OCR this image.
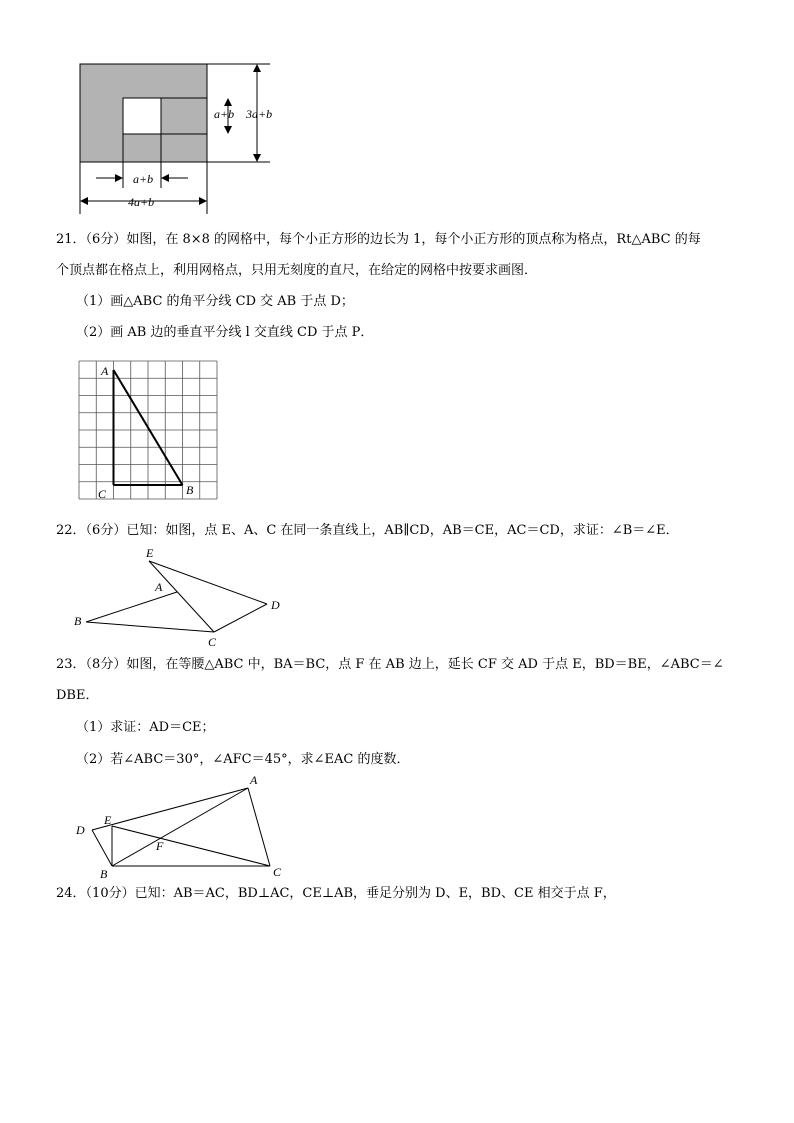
a+b 3a+b
a+b
4a+b
21．（6分）如图，在 8×8 的网格中，每个小正方形的边长为 1，每个小正方形的顶点称为格点，Rt△ABC 的每
个顶点都在格点上，利用网格点，只用无刻度的直尺，在给定的网格中按要求画图．
（1）画△ABC 的角平分线 CD 交 AB 于点 D；
（2）画 AB 边的垂直平分线 l 交直线 CD 于点 P．
A
B
C
22．（6分）已知：如图，点 E、A、C 在同一条直线上，AB∥CD，AB＝CE，AC＝CD，求证：∠B＝∠E．
E
A
B
C
D
23．（8分）如图，在等腰△ABC 中，BA＝BC，点 F 在 AB 边上，延长 CF 交 AD 于点 E，BD＝BE，∠ABC＝∠
DBE．
（1）求证：AD＝CE；
（2）若∠ABC＝30°，∠AFC＝45°，求∠EAC 的度数．
A
D
E
F
B	C
24．（10分）已知：AB＝AC，BD⊥AC，CE⊥AB，垂足分别为 D、E，BD、CE 相交于点 F，
